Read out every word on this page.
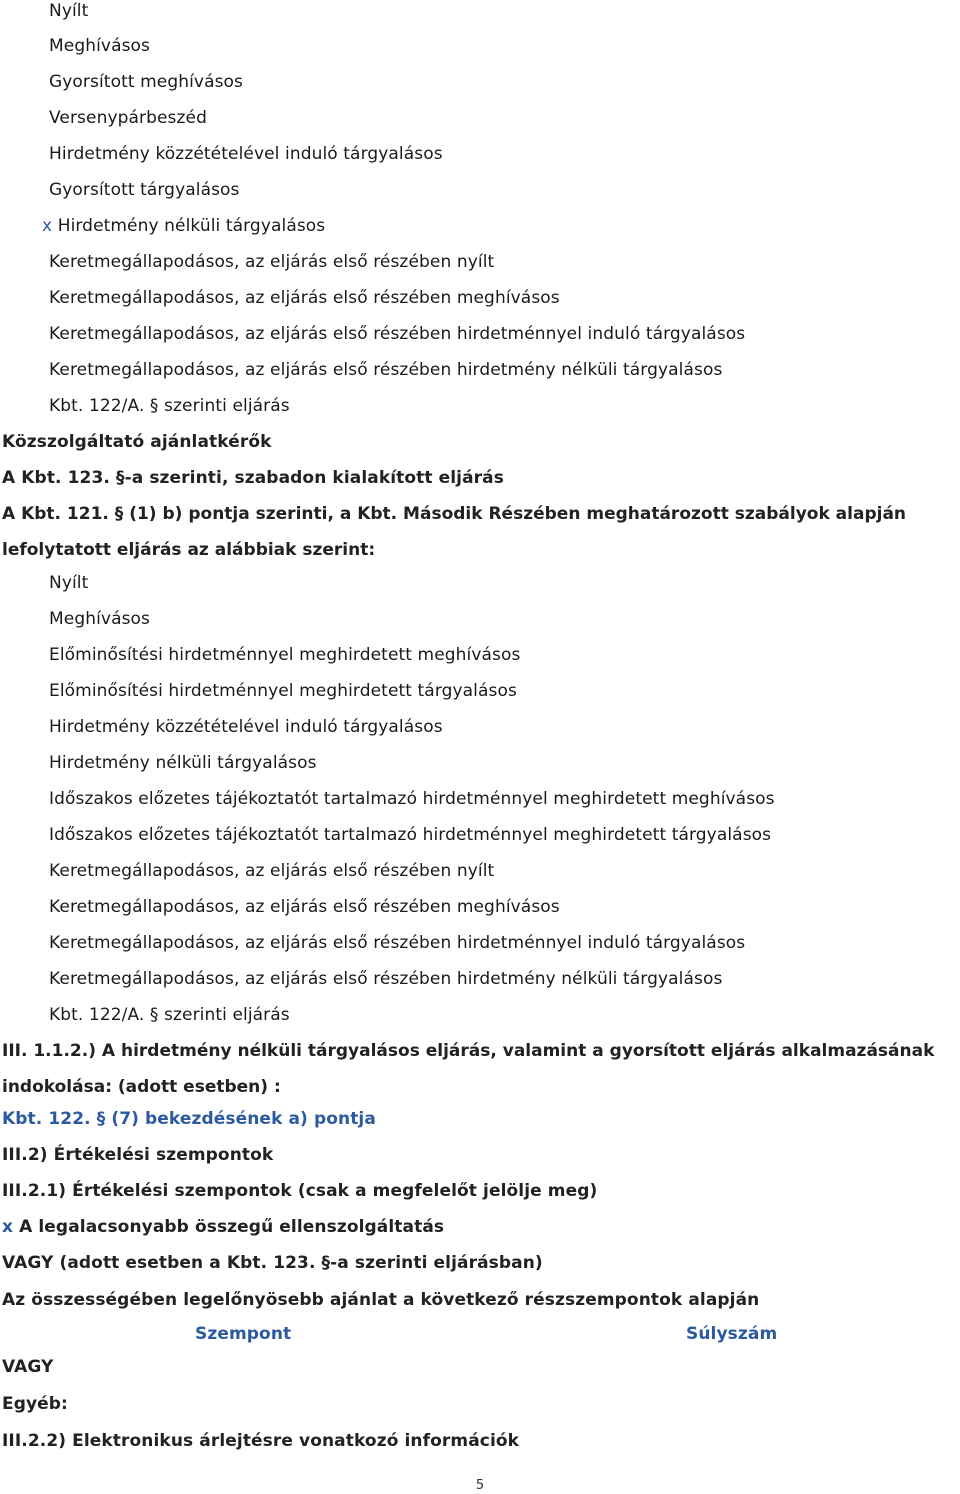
Nyílt
Meghívásos
Gyorsított meghívásos
Versenypárbeszéd
Hirdetmény közzétételével induló tárgyalásos
Gyorsított tárgyalásos
x Hirdetmény nélküli tárgyalásos
Keretmegállapodásos, az eljárás első részében nyílt
Keretmegállapodásos, az eljárás első részében meghívásos
Keretmegállapodásos, az eljárás első részében hirdetménnyel induló tárgyalásos
Keretmegállapodásos, az eljárás első részében hirdetmény nélküli tárgyalásos
Kbt. 122/A. § szerinti eljárás
Közszolgáltató ajánlatkérők
A Kbt. 123. §-a szerinti, szabadon kialakított eljárás
A Kbt. 121. § (1) b) pontja szerinti, a Kbt. Második Részében meghatározott szabályok alapján lefolytatott eljárás az alábbiak szerint:
Nyílt
Meghívásos
Előminősítési hirdetménnyel meghirdetett meghívásos
Előminősítési hirdetménnyel meghirdetett tárgyalásos
Hirdetmény közzétételével induló tárgyalásos
Hirdetmény nélküli tárgyalásos
Időszakos előzetes tájékoztatót tartalmazó hirdetménnyel meghirdetett meghívásos
Időszakos előzetes tájékoztatót tartalmazó hirdetménnyel meghirdetett tárgyalásos
Keretmegállapodásos, az eljárás első részében nyílt
Keretmegállapodásos, az eljárás első részében meghívásos
Keretmegállapodásos, az eljárás első részében hirdetménnyel induló tárgyalásos
Keretmegállapodásos, az eljárás első részében hirdetmény nélküli tárgyalásos
Kbt. 122/A. § szerinti eljárás
III. 1.1.2.) A hirdetmény nélküli tárgyalásos eljárás, valamint a gyorsított eljárás alkalmazásának indokolása: (adott esetben) :
Kbt. 122. § (7) bekezdésének a) pontja
III.2) Értékelési szempontok
III.2.1) Értékelési szempontok (csak a megfelelőt jelölje meg)
x A legalacsonyabb összegű ellenszolgáltatás
VAGY (adott esetben a Kbt. 123. §-a szerinti eljárásban)
Az összességében legelőnyösebb ajánlat a következő részszempontok alapján
Szempont	Súlyszám
VAGY
Egyéb:
III.2.2) Elektronikus árlejtésre vonatkozó információk
5
